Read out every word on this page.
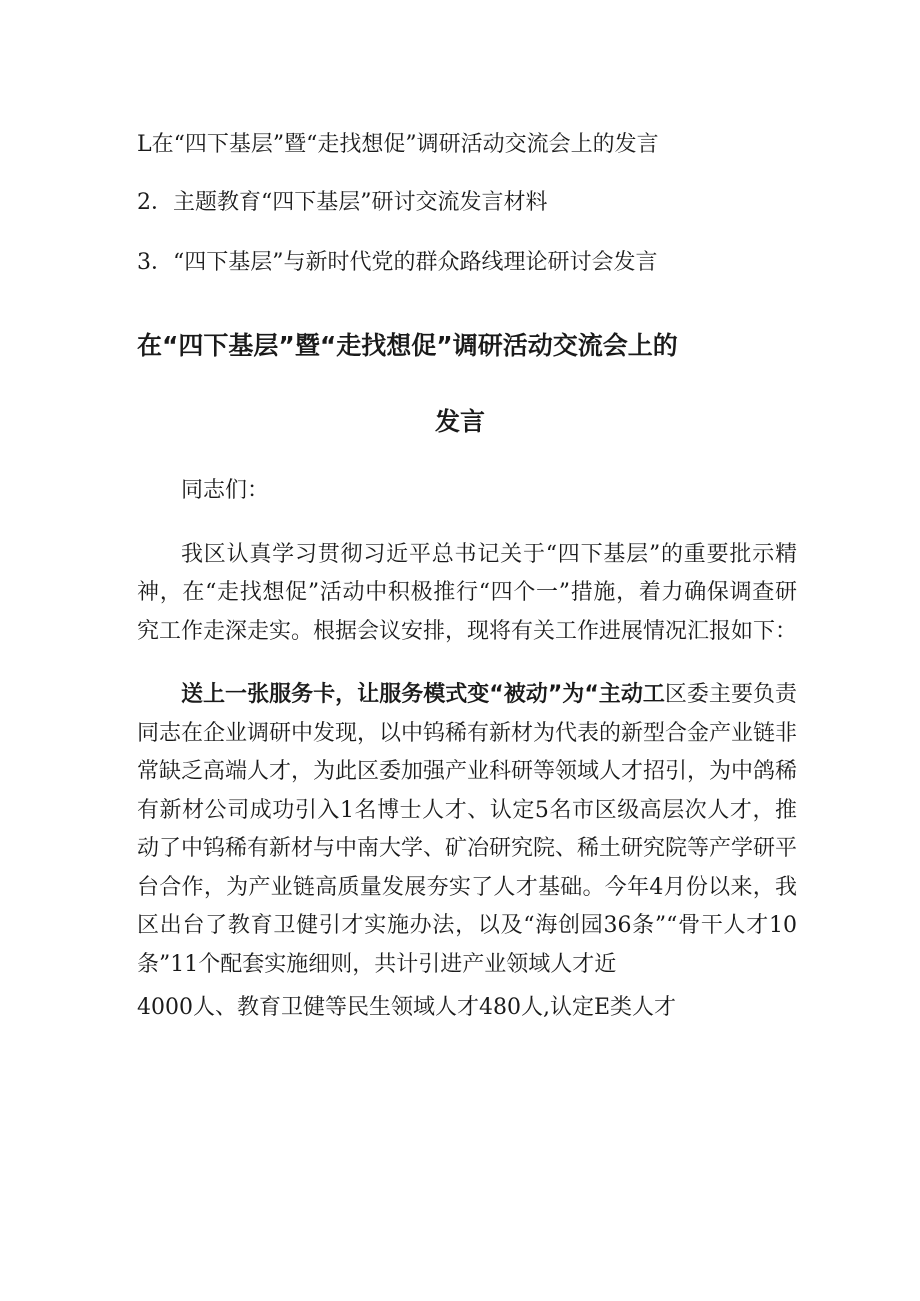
L在“四下基层”暨“走找想促”调研活动交流会上的发言
2．主题教育“四下基层”研讨交流发言材料
3．“四下基层”与新时代党的群众路线理论研讨会发言
在“四下基层”暨“走找想促”调研活动交流会上的
发言

同志们：

我区认真学习贯彻习近平总书记关于“四下基层”的重要批示精神，在“走找想促”活动中积极推行“四个一”措施，着力确保调查研究工作走深走实。根据会议安排，现将有关工作进展情况汇报如下：

送上一张服务卡，让服务模式变“被动”为“主动工区委主要负责同志在企业调研中发现，以中钨稀有新材为代表的新型合金产业链非常缺乏高端人才，为此区委加强产业科研等领域人才招引，为中鸽稀有新材公司成功引入1名博士人才、认定5名市区级高层次人才，推动了中钨稀有新材与中南大学、矿冶研究院、稀土研究院等产学研平台合作，为产业链高质量发展夯实了人才基础。今年4月份以来，我区出台了教育卫健引才实施办法，以及“海创园36条”“骨干人才10条”11个配套实施细则，共计引进产业领域人才近

4000人、教育卫健等民生领域人才480人,认定E类人才
